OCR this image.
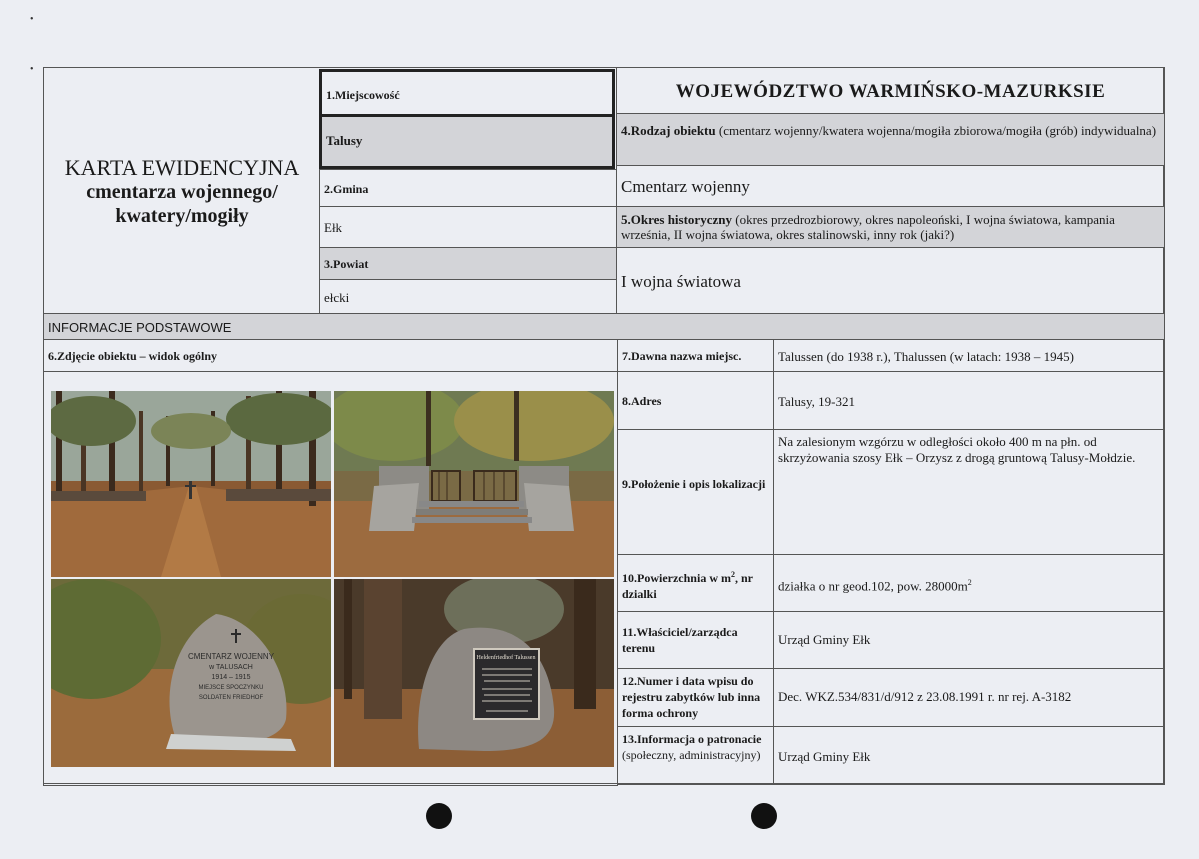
•
•
KARTA EWIDENCYJNA
cmentarza wojennego/
kwatery/mogiły
1.Miejscowość
Talusy
2.Gmina
Ełk
3.Powiat
ełcki
WOJEWÓDZTWO WARMIŃSKO-MAZURKSIE
4.Rodzaj obiektu (cmentarz wojenny/kwatera wojenna/mogiła zbiorowa/mogiła (grób) indywidualna)
Cmentarz wojenny
5.Okres historyczny (okres przedrozbiorowy, okres napoleoński, I wojna światowa, kampania września, II wojna światowa, okres stalinowski, inny rok (jaki?)
I wojna światowa
INFORMACJE PODSTAWOWE
6.Zdjęcie obiektu – widok ogólny
CMENTARZ WOJENNY
w TALUSACH
1914 – 1915
MIEJSCE SPOCZYNKU
SOLDATEN FRIEDHOF
Heldenfriedhof Talussen
7.Dawna nazwa miejsc.	Talussen (do 1938 r.), Thalussen (w latach: 1938 – 1945)
8.Adres	Talusy, 19-321
9.Położenie i opis lokalizacji
Na zalesionym wzgórzu w odległości około 400 m na płn. od skrzyżowania szosy Ełk – Orzysz z drogą gruntową Talusy-Mołdzie.
10.Powierzchnia w $m^2$, nr dzialki
działka o nr geod.102, pow. $28000m^2$
11.Właściciel/zarządca terenu
Urząd Gminy Ełk
12.Numer i data wpisu do rejestru zabytków lub inna forma ochrony
Dec. WKZ.534/831/d/912 z 23.08.1991 r. nr rej. A-3182
13.Informacja o patronacie (społeczny, administracyjny)	Urząd Gminy Ełk
